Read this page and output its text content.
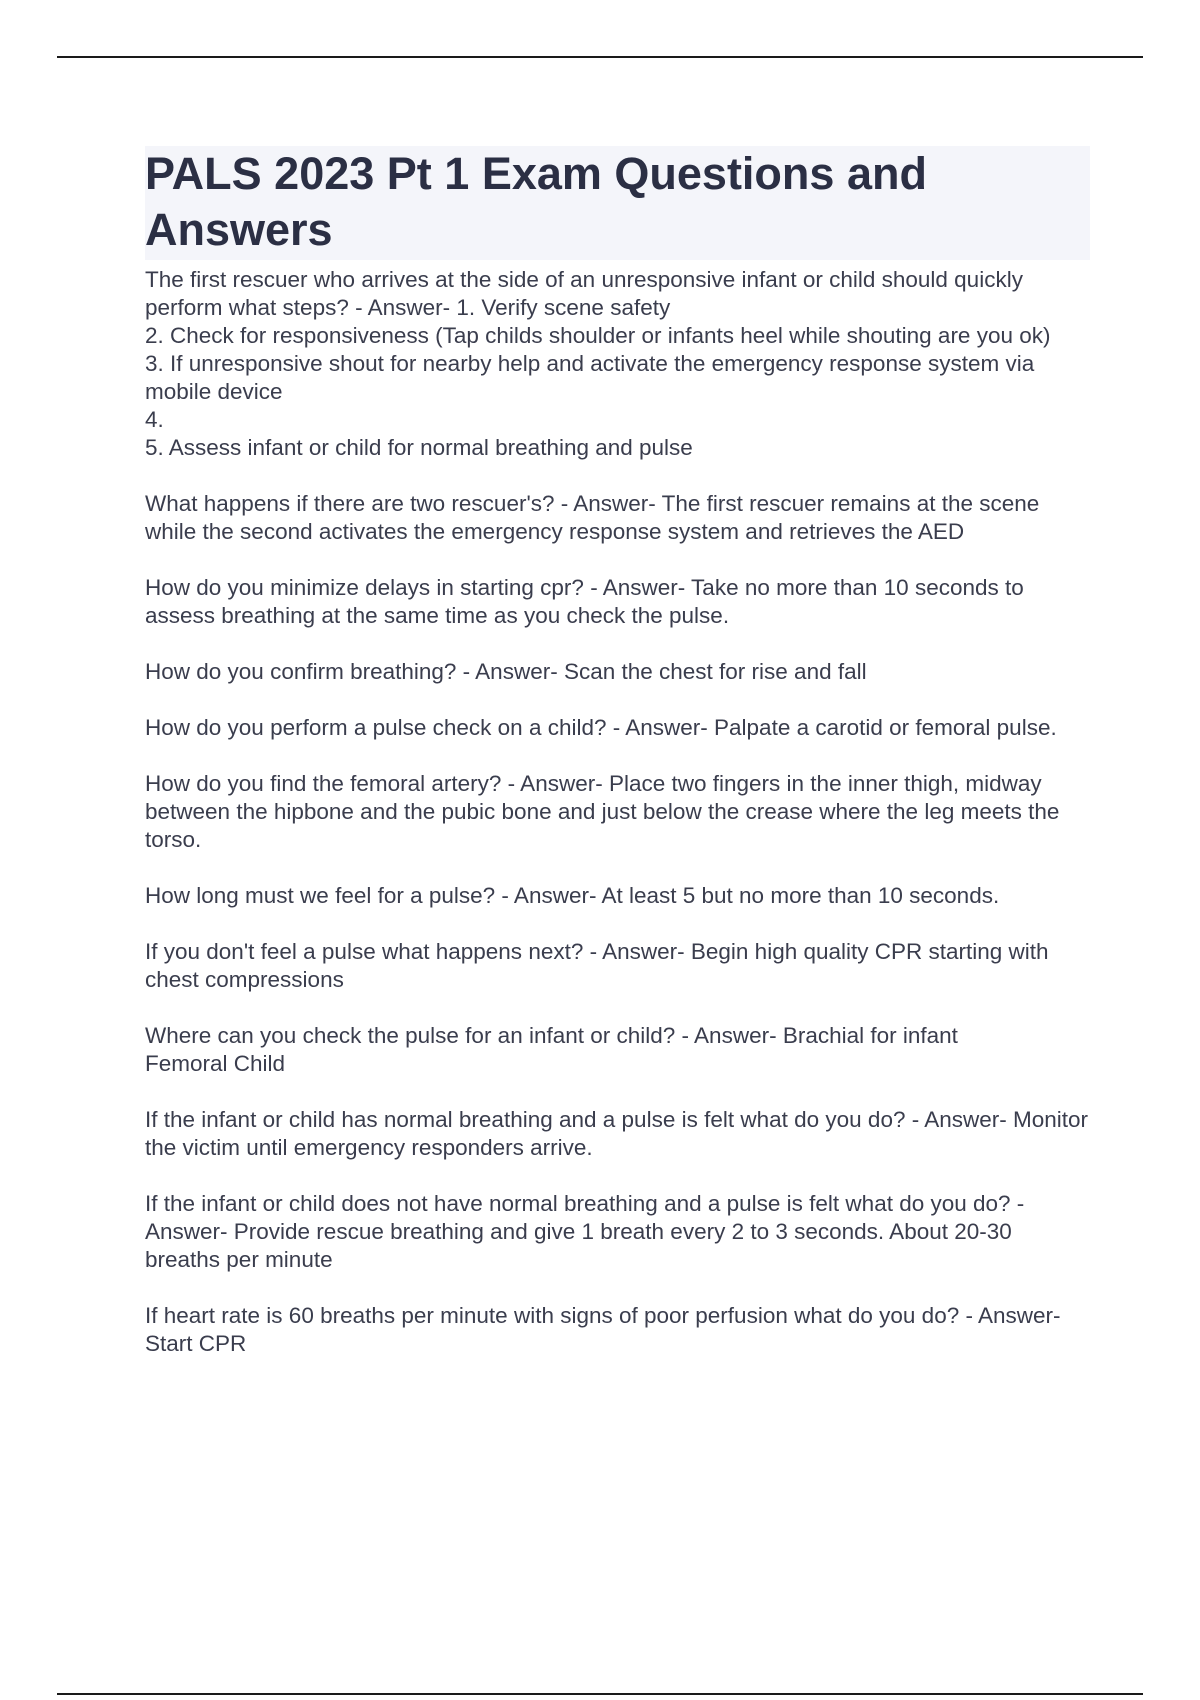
PALS 2023 Pt 1 Exam Questions and Answers

The first rescuer who arrives at the side of an unresponsive infant or child should quickly perform what steps? - Answer- 1. Verify scene safety
2. Check for responsiveness (Tap childs shoulder or infants heel while shouting are you ok)
3. If unresponsive shout for nearby help and activate the emergency response system via mobile device
4.
5. Assess infant or child for normal breathing and pulse

What happens if there are two rescuer's? - Answer- The first rescuer remains at the scene while the second activates the emergency response system and retrieves the AED

How do you minimize delays in starting cpr? - Answer- Take no more than 10 seconds to assess breathing at the same time as you check the pulse.

How do you confirm breathing? - Answer- Scan the chest for rise and fall

How do you perform a pulse check on a child? - Answer- Palpate a carotid or femoral pulse.

How do you find the femoral artery? - Answer- Place two fingers in the inner thigh, midway between the hipbone and the pubic bone and just below the crease where the leg meets the torso.

How long must we feel for a pulse? - Answer- At least 5 but no more than 10 seconds.

If you don't feel a pulse what happens next? - Answer- Begin high quality CPR starting with chest compressions

Where can you check the pulse for an infant or child? - Answer- Brachial for infant
Femoral Child

If the infant or child has normal breathing and a pulse is felt what do you do? - Answer- Monitor the victim until emergency responders arrive.

If the infant or child does not have normal breathing and a pulse is felt what do you do? - Answer- Provide rescue breathing and give 1 breath every 2 to 3 seconds. About 20-30 breaths per minute

If heart rate is 60 breaths per minute with signs of poor perfusion what do you do? - Answer- Start CPR
